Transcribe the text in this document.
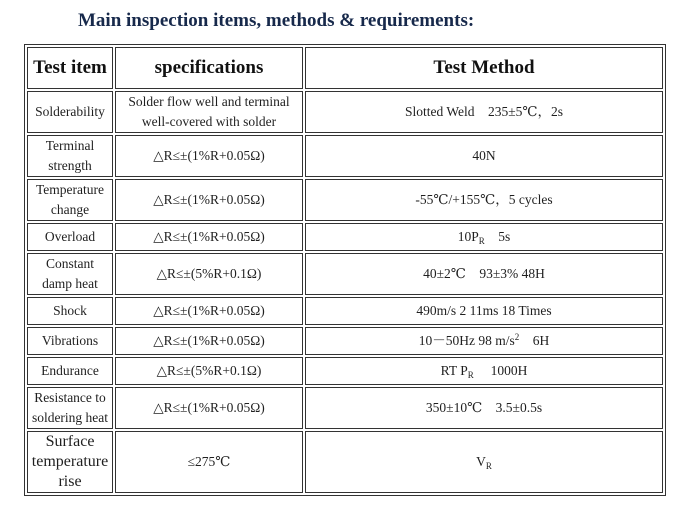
Main inspection items, methods & requirements:
Test item	specifications	Test Method
Solderability	Solder flow well and terminal well-covered with solder	Slotted Weld　235±5℃，2s
Terminal strength	△R≤±(1%R+0.05Ω)	40N
Temperature change	△R≤±(1%R+0.05Ω)	-55℃/+155℃，5 cycles
Overload	△R≤±(1%R+0.05Ω)	$10P_R$　5s
Constant damp heat	△R≤±(5%R+0.1Ω)	40±2℃　93±3% 48H
Shock	△R≤±(1%R+0.05Ω)	490m/s 2 11ms 18 Times
Vibrations	△R≤±(1%R+0.05Ω)	10－50Hz 98 $m/s^2$　6H
Endurance	△R≤±(5%R+0.1Ω)	RT $P_R$　 1000H
Resistance to soldering heat	△R≤±(1%R+0.05Ω)	350±10℃　3.5±0.5s
Surface temperature rise	≤275℃	$V_R$
